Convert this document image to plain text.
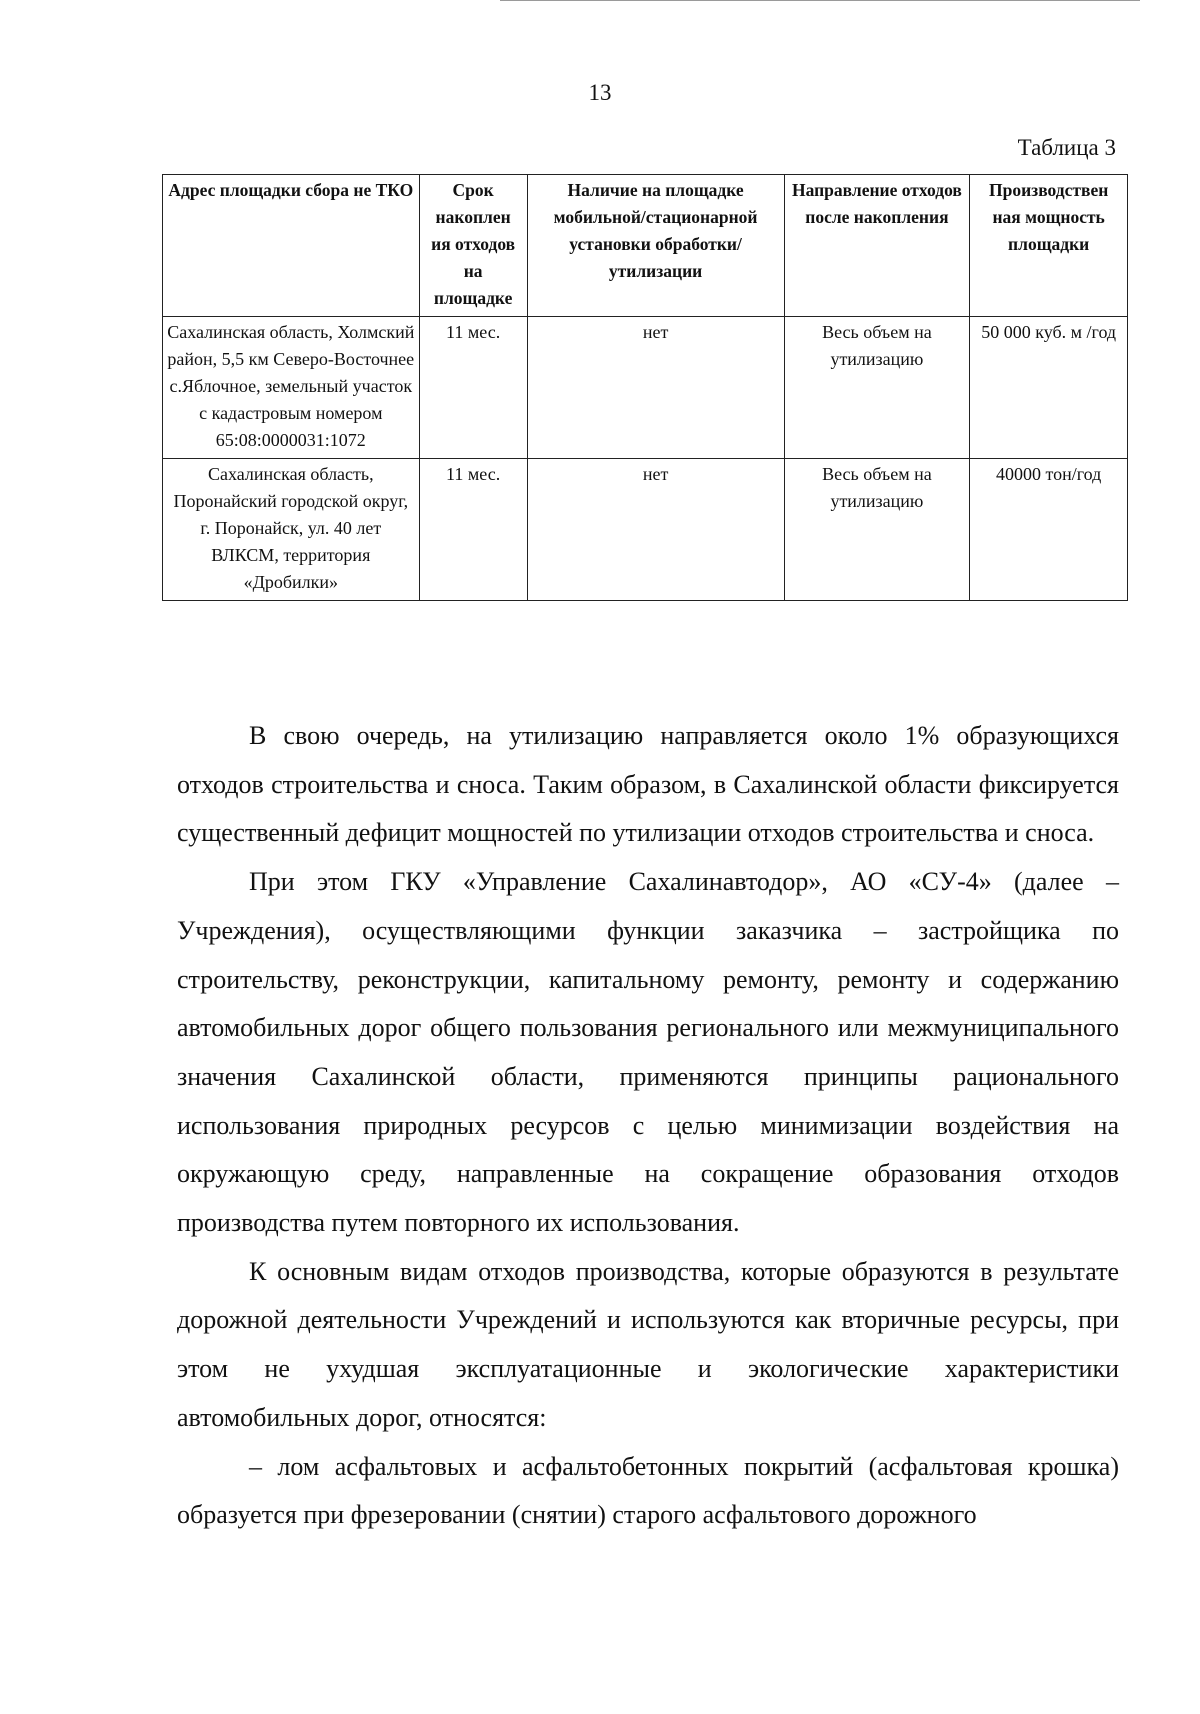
13
Таблица 3
Адрес площадки сбора не ТКО	Срок накоплен ия отходов на площадке	Наличие на площадке мобильной/стационарной установки обработки/утилизации	Направление отходов после накопления	Производствен ная мощность площадки
Сахалинская область, Холмский район, 5,5 км Северо-Восточнее с.Яблочное, земельный участок с кадастровым номером 65:08:0000031:1072	11 мес.	нет	Весь объем на утилизацию	50 000 куб. м /год
Сахалинская область, Поронайский городской округ, г. Поронайск, ул. 40 лет ВЛКСМ, территория «Дробилки»	11 мес.	нет	Весь объем на утилизацию	40000 тон/год

В свою очередь, на утилизацию направляется около 1% образующихся отходов строительства и сноса. Таким образом, в Сахалинской области фиксируется существенный дефицит мощностей по утилизации отходов строительства и сноса.

При этом ГКУ «Управление Сахалинавтодор», АО «СУ-4» (далее – Учреждения), осуществляющими функции заказчика – застройщика по строительству, реконструкции, капитальному ремонту, ремонту и содержанию автомобильных дорог общего пользования регионального или межмуниципального значения Сахалинской области, применяются принципы рационального использования природных ресурсов с целью минимизации воздействия на окружающую среду, направленные на сокращение образования отходов производства путем повторного их использования.

К основным видам отходов производства, которые образуются в результате дорожной деятельности Учреждений и используются как вторичные ресурсы, при этом не ухудшая эксплуатационные и экологические характеристики автомобильных дорог, относятся:

– лом асфальтовых и асфальтобетонных покрытий (асфальтовая крошка) образуется при фрезеровании (снятии) старого асфальтового дорожного
